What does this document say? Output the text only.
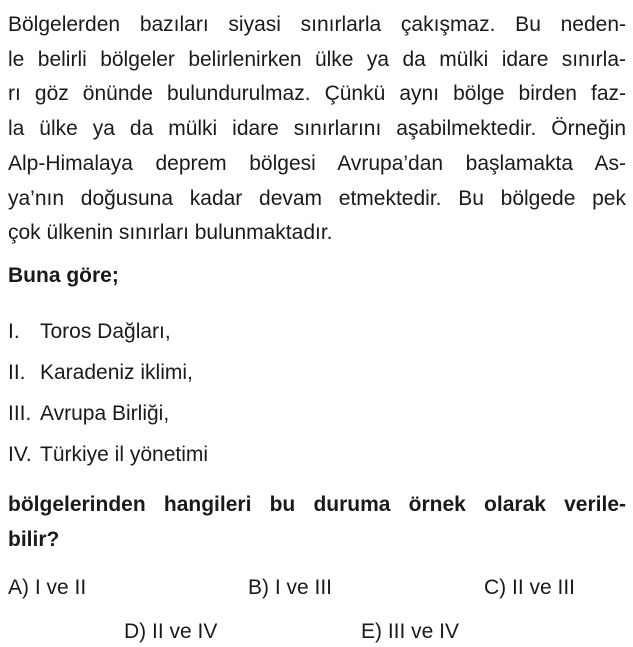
Bölgelerden bazıları siyasi sınırlarla çakışmaz. Bu neden-
le belirli bölgeler belirlenirken ülke ya da mülki idare sınırla-
rı göz önünde bulundurulmaz. Çünkü aynı bölge birden faz-
la ülke ya da mülki idare sınırlarını aşabilmektedir. Örneğin
Alp-Himalaya deprem bölgesi Avrupa’dan başlamakta As-
ya’nın doğusuna kadar devam etmektedir. Bu bölgede pek
çok ülkenin sınırları bulunmaktadır.

Buna göre;

I. Toros Dağları,
II. Karadeniz iklimi,
III. Avrupa Birliği,
IV. Türkiye il yönetimi

bölgelerinden hangileri bu duruma örnek olarak verile-
bilir?

A) I ve II	B) I ve III	C) II ve III
D) II ve IV	E) III ve IV
